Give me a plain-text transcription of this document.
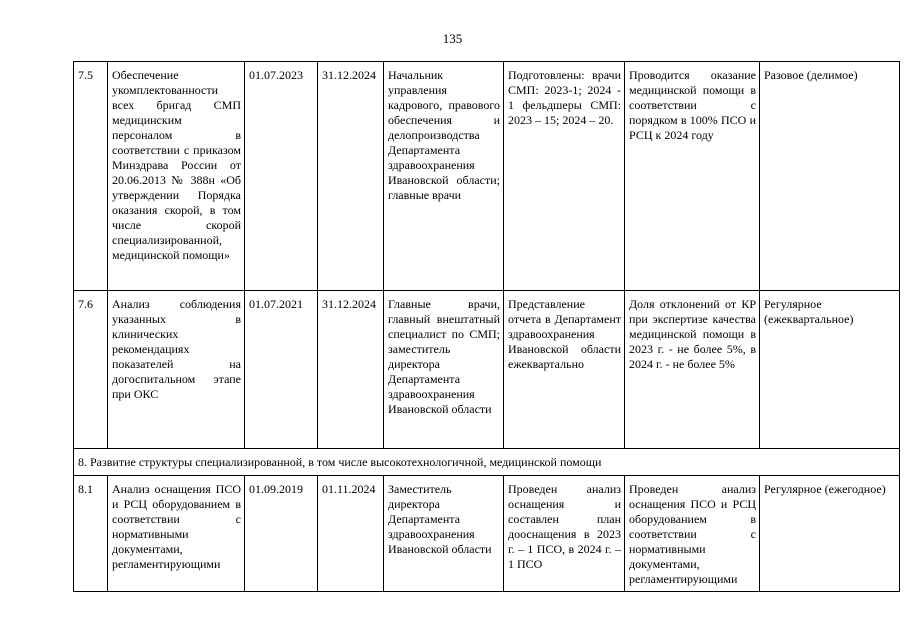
135
7.5	Обеспечение укомплектованности всех бригад СМП медицинским персоналом в соответствии с приказом Минздрава России от 20.06.2013 № 388н «Об утверждении Порядка оказания скорой, в том числе скорой специализированной, медицинской помощи»	01.07.2023	31.12.2024	Начальник управления кадрового, правового обеспечения и делопроизводства Департамента здравоохранения Ивановской области; главные врачи	Подготовлены: врачи СМП: 2023-1; 2024 - 1 фельдшеры СМП: 2023 – 15; 2024 – 20.	Проводится оказание медицинской помощи в соответствии с порядком в 100% ПСО и РСЦ к 2024 году	Разовое (делимое)
7.6	Анализ соблюдения указанных в клинических рекомендациях показателей на догоспитальном этапе при ОКС	01.07.2021	31.12.2024	Главные врачи, главный внештатный специалист по СМП; заместитель директора Департамента здравоохранения Ивановской области	Представление отчета в Департамент здравоохранения Ивановской области ежеквартально	Доля отклонений от КР при экспертизе качества медицинской помощи в 2023 г. - не более 5%, в 2024 г. - не более 5%	Регулярное (ежеквартальное)
8. Развитие структуры специализированной, в том числе высокотехнологичной, медицинской помощи							
8.1	Анализ оснащения ПСО и РСЦ оборудованием в соответствии с нормативными документами, регламентирующими	01.09.2019	01.11.2024	Заместитель директора Департамента здравоохранения Ивановской области	Проведен анализ оснащения и составлен план дооснащения в 2023 г. – 1 ПСО, в 2024 г. – 1 ПСО	Проведен анализ оснащения ПСО и РСЦ оборудованием в соответствии с нормативными документами, регламентирующими	Регулярное (ежегодное)
